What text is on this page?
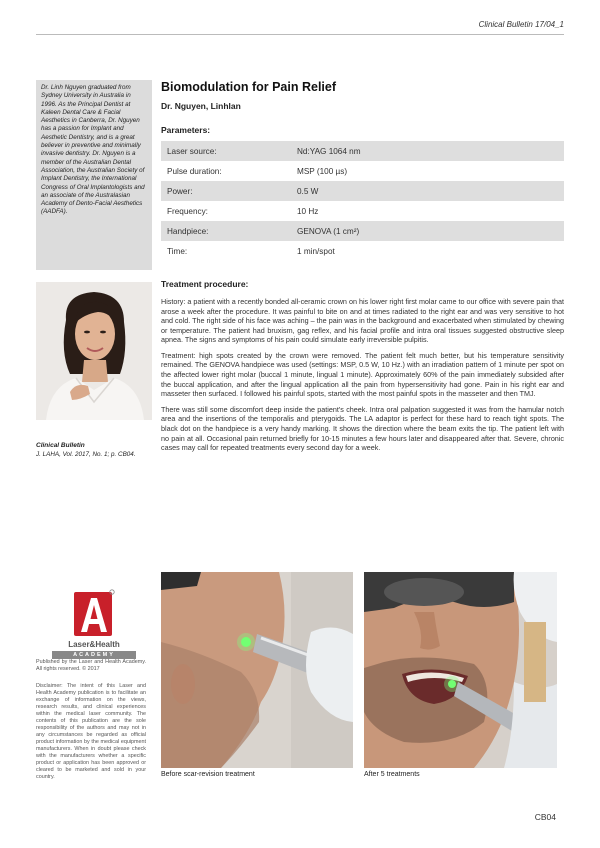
Clinical Bulletin 17/04_1

Dr. Linh Nguyen graduated from Sydney University in Australia in 1996. As the Principal Dentist at Kaleen Dental Care & Facial Aesthetics in Canberra, Dr. Nguyen has a passion for Implant and Aesthetic Dentistry, and is a great believer in preventive and minimally invasive dentistry. Dr. Nguyen is a member of the Australian Dental Association, the Australian Society of Implant Dentistry, the International Congress of Oral Implantologists and an associate of the Australasian Academy of Dento-Facial Aesthetics (AADFA).

Clinical Bulletin
J. LAHA, Vol. 2017, No. 1; p. CB04.
Laser&Health
ACADEMY

Published by the Laser and Health Academy. All rights reserved. © 2017

Disclaimer: The intent of this Laser and Health Academy publication is to facilitate an exchange of information on the views, research results, and clinical experiences within the medical laser community. The contents of this publication are the sole responsibility of the authors and may not in any circumstances be regarded as official product information by the medical equipment manufacturers. When in doubt please check with the manufacturers whether a specific product or application has been approved or cleared to be marketed and sold in your country.

Biomodulation for Pain Relief
Dr. Nguyen, Linhlan
Parameters:
Laser source:	Nd:YAG 1064 nm
Pulse duration:	MSP (100 µs)
Power:	0.5 W
Frequency:	10 Hz
Handpiece:	GENOVA (1 cm²)
Time:	1 min/spot
Treatment procedure:

History: a patient with a recently bonded all-ceramic crown on his lower right first molar came to our office with severe pain that arose a week after the procedure. It was painful to bite on and at times radiated to the right ear and was very sensitive to hot and cold. The right side of his face was aching – the pain was in the background and exacerbated when stimulated by chewing or temperature. The patient had bruxism, gag reflex, and his facial profile and intra oral tissues suggested obstructive sleep apnea. The signs and symptoms of his pain could simulate early irreversible pulpitis.

Treatment: high spots created by the crown were removed. The patient felt much better, but his temperature sensitivity remained. The GENOVA handpiece was used (settings: MSP, 0.5 W, 10 Hz.) with an irradiation pattern of 1 minute per spot on the affected lower right molar (buccal 1 minute, lingual 1 minute). Approximately 60% of the pain immediately subsided after the buccal application, and after the lingual application all the pain from hypersensitivity had gone. Pain in his right ear and masseter then surfaced. I followed his painful spots, started with the most painful spots in the masseter and then TMJ.

There was still some discomfort deep inside the patient's cheek. Intra oral palpation suggested it was from the hamular notch area and the insertions of the temporalis and pterygoids. The LA adaptor is perfect for these hard to reach tight spots. The black dot on the handpiece is a very handy marking. It shows the direction where the beam exits the tip. The patient left with no pain at all. Occasional pain returned briefly for 10-15 minutes a few hours later and disappeared after that. Severe, chronic cases may call for repeated treatments every second day for a week.

Before scar-revision treatment	After 5 treatments
CB04
